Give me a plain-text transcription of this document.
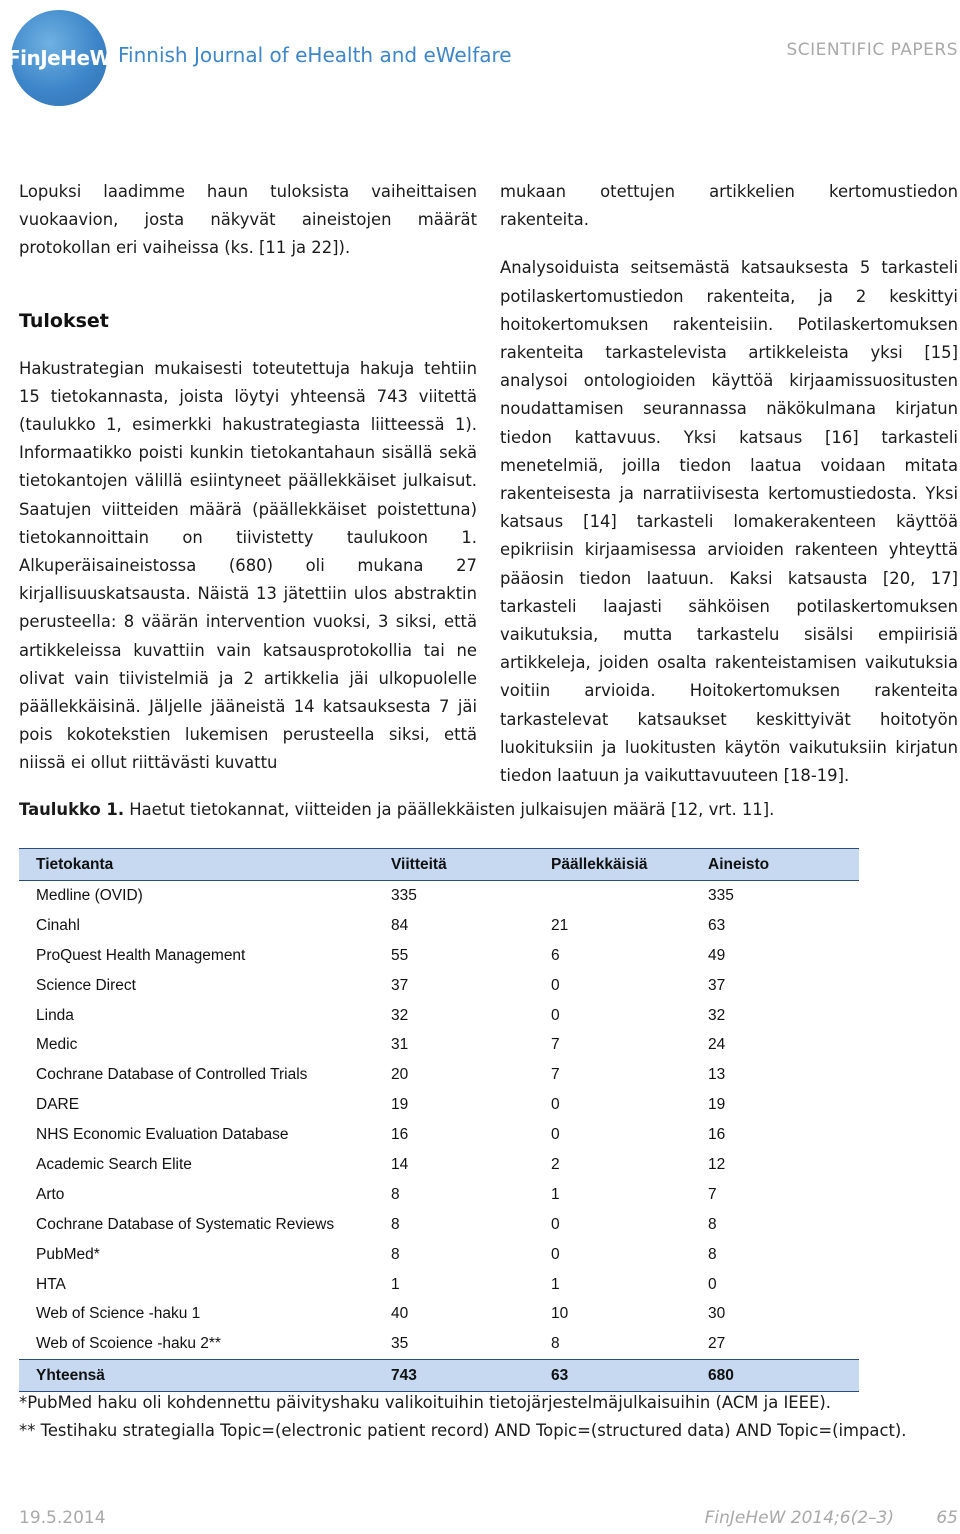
FinJeHeW Finnish Journal of eHealth and eWelfare	SCIENTIFIC PAPERS

Lopuksi laadimme haun tuloksista vaiheittaisen vuokaavion, josta näkyvät aineistojen määrät protokollan eri vaiheissa (ks. [11 ja 22]).

Tulokset

Hakustrategian mukaisesti toteutettuja hakuja tehtiin 15 tietokannasta, joista löytyi yhteensä 743 viitettä (taulukko 1, esimerkki hakustrategiasta liitteessä 1). Informaatikko poisti kunkin tietokantahaun sisällä sekä tietokantojen välillä esiintyneet päällekkäiset julkaisut. Saatujen viitteiden määrä (päällekkäiset poistettuna) tietokannoittain on tiivistetty taulukoon 1. Alkuperäisaineistossa (680) oli mukana 27 kirjallisuuskatsausta. Näistä 13 jätettiin ulos abstraktin perusteella: 8 väärän intervention vuoksi, 3 siksi, että artikkeleissa kuvattiin vain katsausprotokollia tai ne olivat vain tiivistelmiä ja 2 artikkelia jäi ulkopuolelle päällekkäisinä. Jäljelle jääneistä 14 katsauksesta 7 jäi pois kokotekstien lukemisen perusteella siksi, että niissä ei ollut riittävästi kuvattu

mukaan otettujen artikkelien kertomustiedon rakenteita.

Analysoiduista seitsemästä katsauksesta 5 tarkasteli potilaskertomustiedon rakenteita, ja 2 keskittyi hoitokertomuksen rakenteisiin. Potilaskertomuksen rakenteita tarkastelevista artikkeleista yksi [15] analysoi ontologioiden käyttöä kirjaamissuositusten noudattamisen seurannassa näkökulmana kirjatun tiedon kattavuus. Yksi katsaus [16] tarkasteli menetelmiä, joilla tiedon laatua voidaan mitata rakenteisesta ja narratiivisesta kertomustiedosta. Yksi katsaus [14] tarkasteli lomakerakenteen käyttöä epikriisin kirjaamisessa arvioiden rakenteen yhteyttä pääosin tiedon laatuun. Kaksi katsausta [20, 17] tarkasteli laajasti sähköisen potilaskertomuksen vaikutuksia, mutta tarkastelu sisälsi empiirisiä artikkeleja, joiden osalta rakenteistamisen vaikutuksia voitiin arvioida. Hoitokertomuksen rakenteita tarkastelevat katsaukset keskittyivät hoitotyön luokituksiin ja luokitusten käytön vaikutuksiin kirjatun tiedon laatuun ja vaikuttavuuteen [18-19].

Taulukko 1. Haetut tietokannat, viitteiden ja päällekkäisten julkaisujen määrä [12, vrt. 11].
Tietokanta	Viitteitä	Päällekkäisiä	Aineisto
Medline (OVID)	335		335
Cinahl	84	21	63
ProQuest Health Management	55	6	49
Science Direct	37	0	37
Linda	32	0	32
Medic	31	7	24
Cochrane Database of Controlled Trials	20	7	13
DARE	19	0	19
NHS Economic Evaluation Database	16	0	16
Academic Search Elite	14	2	12
Arto	8	1	7
Cochrane Database of Systematic Reviews	8	0	8
PubMed*	8	0	8
HTA	1	1	0
Web of Science -haku 1	40	10	30
Web of Scoience -haku 2**	35	8	27
Yhteensä	743	63	680
*PubMed haku oli kohdennettu päivityshaku valikoituihin tietojärjestelmäjulkaisuihin (ACM ja IEEE).
** Testihaku strategialla Topic=(electronic patient record) AND Topic=(structured data) AND Topic=(impact).
19.5.2014	FinJeHeW 2014;6(2–3) 65
